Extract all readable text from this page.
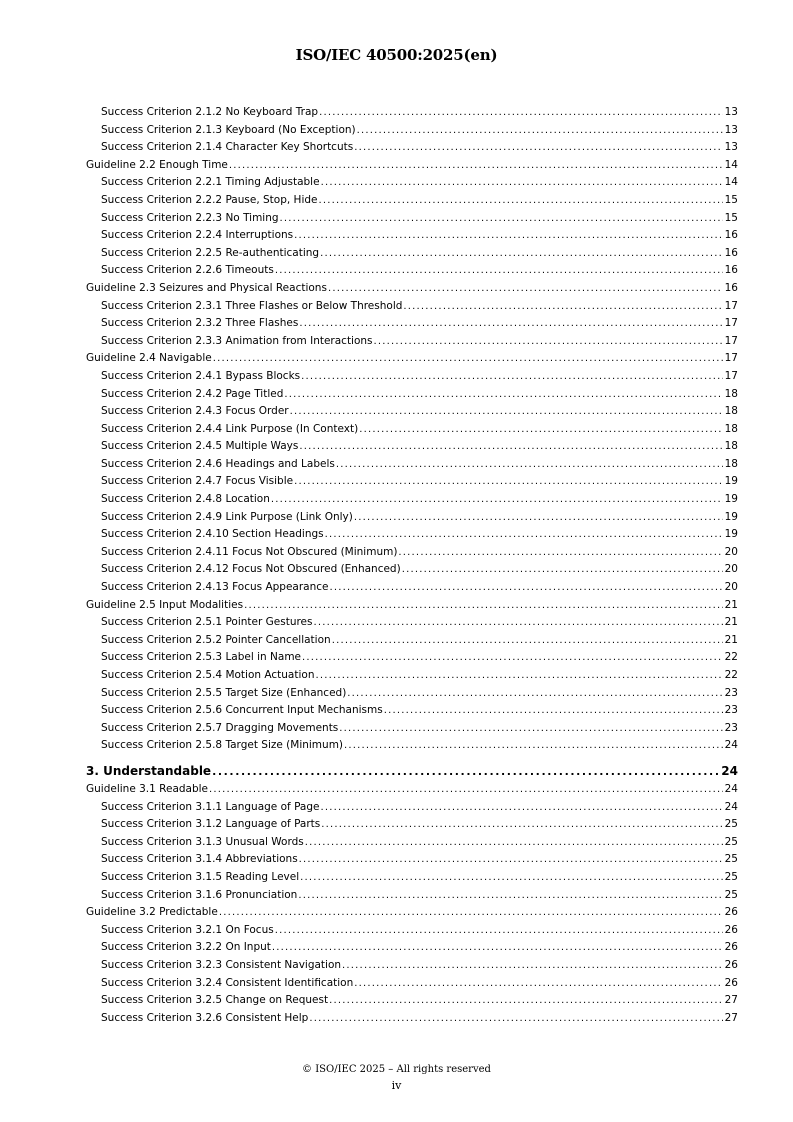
ISO/IEC 40500:2025(en)
Success Criterion 2.1.2 No Keyboard Trap .....	13
Success Criterion 2.1.3 Keyboard (No Exception) .....	13
Success Criterion 2.1.4 Character Key Shortcuts .....	13
Guideline 2.2 Enough Time .....	14
Success Criterion 2.2.1 Timing Adjustable .....	14
Success Criterion 2.2.2 Pause, Stop, Hide .....	15
Success Criterion 2.2.3 No Timing .....	15
Success Criterion 2.2.4 Interruptions .....	16
Success Criterion 2.2.5 Re-authenticating .....	16
Success Criterion 2.2.6 Timeouts .....	16
Guideline 2.3 Seizures and Physical Reactions .....	16
Success Criterion 2.3.1 Three Flashes or Below Threshold .....	17
Success Criterion 2.3.2 Three Flashes .....	17
Success Criterion 2.3.3 Animation from Interactions .....	17
Guideline 2.4 Navigable .....	17
Success Criterion 2.4.1 Bypass Blocks .....	17
Success Criterion 2.4.2 Page Titled .....	18
Success Criterion 2.4.3 Focus Order .....	18
Success Criterion 2.4.4 Link Purpose (In Context) .....	18
Success Criterion 2.4.5 Multiple Ways .....	18
Success Criterion 2.4.6 Headings and Labels .....	18
Success Criterion 2.4.7 Focus Visible .....	19
Success Criterion 2.4.8 Location .....	19
Success Criterion 2.4.9 Link Purpose (Link Only) .....	19
Success Criterion 2.4.10 Section Headings .....	19
Success Criterion 2.4.11 Focus Not Obscured (Minimum) .....	20
Success Criterion 2.4.12 Focus Not Obscured (Enhanced) .....	20
Success Criterion 2.4.13 Focus Appearance .....	20
Guideline 2.5 Input Modalities .....	21
Success Criterion 2.5.1 Pointer Gestures .....	21
Success Criterion 2.5.2 Pointer Cancellation .....	21
Success Criterion 2.5.3 Label in Name .....	22
Success Criterion 2.5.4 Motion Actuation .....	22
Success Criterion 2.5.5 Target Size (Enhanced) .....	23
Success Criterion 2.5.6 Concurrent Input Mechanisms .....	23
Success Criterion 2.5.7 Dragging Movements .....	23
Success Criterion 2.5.8 Target Size (Minimum) .....	24
3. Understandable .....	24
Guideline 3.1 Readable .....	24
Success Criterion 3.1.1 Language of Page .....	24
Success Criterion 3.1.2 Language of Parts .....	25
Success Criterion 3.1.3 Unusual Words .....	25
Success Criterion 3.1.4 Abbreviations .....	25
Success Criterion 3.1.5 Reading Level .....	25
Success Criterion 3.1.6 Pronunciation .....	25
Guideline 3.2 Predictable .....	26
Success Criterion 3.2.1 On Focus .....	26
Success Criterion 3.2.2 On Input .....	26
Success Criterion 3.2.3 Consistent Navigation .....	26
Success Criterion 3.2.4 Consistent Identification .....	26
Success Criterion 3.2.5 Change on Request .....	27
Success Criterion 3.2.6 Consistent Help .....	27
© ISO/IEC 2025 – All rights reserved
iv
